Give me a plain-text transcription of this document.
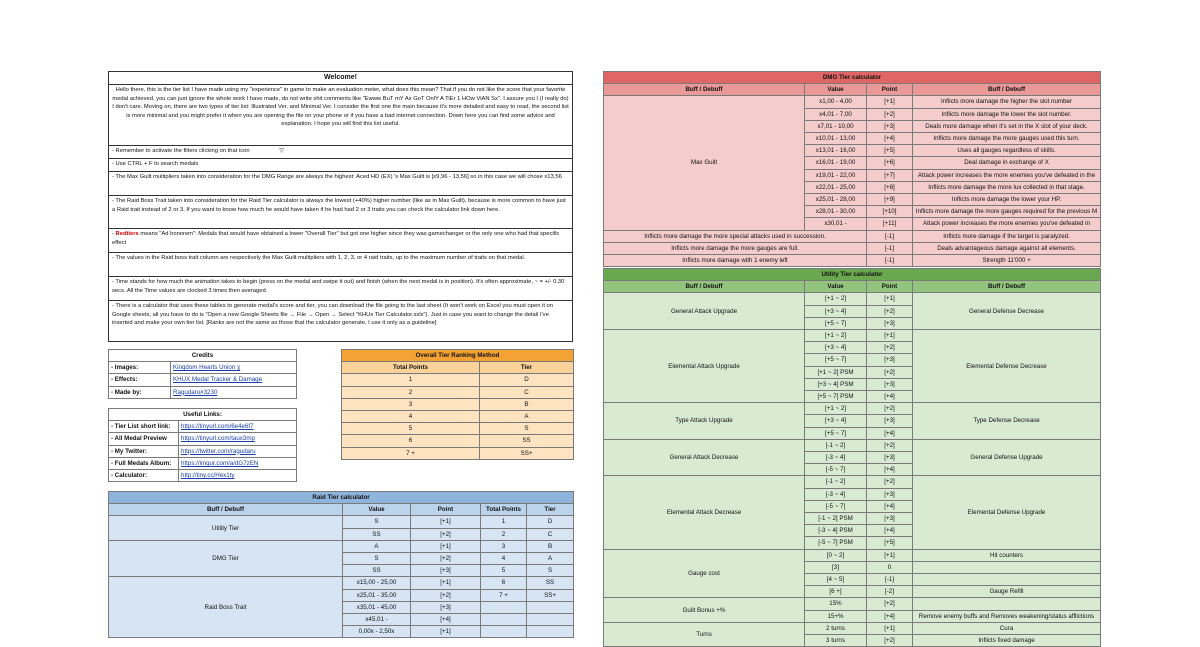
Welcome!
Hello there, this is the tier list I have made using my "experience" in game to make an evaluation meter, what does this mean? That if you do not like the score that your favorite medal achieved, you can just ignore the whole work I have made, do not write shit comments like "Ewww BuT mY Ax GoT OnlY A TiEr 1 HOw ViAN Sx". I assure you I (I really do) I don't care. Moving on, there are two types of tier list: Illustrated Ver. and Minimal Ver. I consider the first one the main because it's more detailed and easy to read, the second list is more minimal and you might prefer it when you are opening the file on your phone or if you have a bad internet connection. Down here you can find some advice and explanation. I hope you will find this list useful.
- Remember to activate the filters clicking on that icon	▽
- Use CTRL + F to search medals
- The Max Guilt multipliers taken into consideration for the DMG Range are always the highest: Aced HD (EX) 's Max Guilt is [x9,96 - 13,56] so in this case we will chose x13,56
- The Raid Boss Trait taken into consideration for the Raid Tier calculator is always the lowest (+40%) higher number (like as in Max Guilt), because is more common to have just a Raid trait instead of 2 or 3. If you want to know how much he would have taken if he had had 2 or 3 traits you can check the calculator link down here.
- Redtiers means "Ad honorem": Medals that would have obtained a lower "Overall Tier" but got one higher since they was gamechanger or the only one who had that specific effect
- The values in the Raid boss trait column are respectively the Max Guilt multipliers with 1, 2, 3, or 4 raid traits, up to the maximum number of traits on that medal.
- Time stands for how much the animation takes to begin (press on the medal and swipe it out) and finish (when the next medal is in position). It's often approximate, ~ = +/- 0.30 secs. All the Time values are clocked 3 times then averaged.
- There is a calculator that uses these tables to generate medal's score and tier, you can download the file going to the last sheet (It won't work on Excel you must open it on Google sheets, all you have to do is "Open a new Google Sheets file → File → Open → Select "KHUx Tier Calculator.xslx"). Just in case you want to change the detail I've inserted and make your own tier list. [Ranks are not the same as those that the calculator generate, I use it only as a guideline]
Credits	
- Images:	Kingdom Hearts Union χ
- Effects:	KHUX Medal Tracker & Damage
- Made by:	Ragudaru#3230
Useful Links:	
- Tier List short link:	https://tinyurl.com/6e4e6f7
- All Medal Preview	https://tinyurl.com/taux3mp
- My Twitter:	https://twitter.com/ragudaru
- Full Medals Album:	https://imgur.com/a/dG7zEN
- Calculator:	http://tiny.cc/Hex1ty
Overall Tier Ranking Method	
Total Points	Tier
1	D
2	C
3	B
4	A
5	S
6	SS
7 +	SS+
Raid Tier calculator				
Buff / Debuff	Value	Point	Total Points	Tier
Utility Tier	S	[+1]	1	D
	SS	[+2]	2	C
DMG Tier	A	[+1]	3	B
	S	[+2]	4	A
	SS	[+3]	5	S
Raid Boss Trait	x15,00 - 25,00	[+1]	6	SS
	x25,01 - 35,00	[+2]	7 +	SS+
	x35,01 - 45,00	[+3]		
	x45,01 -	[+4]		
	0,00x - 2,50x	[+1]		
DMG Tier calculator			
Buff / Debuff	Value	Point	Buff / Debuff
Max Guilt	x1,00 - 4,00	[+1]	Inflicts more damage the higher the slot number
	x4,01 - 7,00	[+2]	Inflicts more damage the lower the slot number.
	x7,01 - 10,00	[+3]	Deals more damage when it's set in the X slot of your deck.
	x10,01 - 13,00	[+4]	Inflicts more damage the more gauges used this turn.
	x13,01 - 16,00	[+5]	Uses all gauges regardless of skills.
	x16,01 - 19,00	[+6]	Deal damage in exchange of X
	x19,01 - 22,00	[+7]	Attack power increases the more enemies you've defeated in the
	x22,01 - 25,00	[+8]	Inflicts more damage the more lux collected in that stage.
	x25,01 - 28,00	[+9]	Inflicts more damage the lower your HP.
	x28,01 - 30,00	[+10]	Inflicts more damage the more gauges required for the previous M
	x30,01 -	[+11]	Attack power increases the more enemies you've defeated in
Inflicts more damage the more special attacks used in succession.		[-1]	Inflicts more damage if the target is paralyzed.
Inflicts more damage the more gauges are full.		[-1]	Deals advantageous damage against all elements.
Inflicts more damage with 1 enemy left		[-1]	Strength 11'000 +
Utility Tier calculator			
Buff / Debuff	Value	Point	Buff / Debuff
General Attack Upgrade	[+1 ~ 2]	[+1]	General Defense Decrease
	[+3 ~ 4]	[+2]	
	[+5 ~ 7]	[+3]	
Elemental Attack Upgrade	[+1 ~ 2]	[+1]	Elemental Defense Decrease
	[+3 ~ 4]	[+2]	
	[+5 ~ 7]	[+3]	
	[+1 ~ 2] PSM	[+2]	
	[+3 ~ 4] PSM	[+3]	
	[+5 ~ 7] PSM	[+4]	
Type Attack Upgrade	[+1 ~ 2]	[+2]	Type Defense Decrease
	[+3 ~ 4]	[+3]	
	[+5 ~ 7]	[+4]	
General Attack Decrease	[-1 ~ 2]	[+2]	General Defense Upgrade
	[-3 ~ 4]	[+3]	
	[-5 ~ 7]	[+4]	
Elemental Attack Decrease	[-1 ~ 2]	[+2]	Elemental Defense Upgrade
	[-3 ~ 4]	[+3]	
	[-5 ~ 7]	[+4]	
	[-1 ~ 2] PSM	[+3]	
	[-3 ~ 4] PSM	[+4]	
	[-5 ~ 7] PSM	[+5]	
Gauge cost	[0 ~ 2]	[+1]	Hit counters
	[3]	0	
	[4 ~ 5]	[-1]	
	[6 +]	[-2]	Gauge Refill
Guilt Bonus +%	15%	[+2]	
	15+%	[+4]	Remove enemy buffs and Removes weakening/status afflictions
Turns	2 turns	[+1]	Cura
	3 turns	[+2]	Inflicts fixed damage
